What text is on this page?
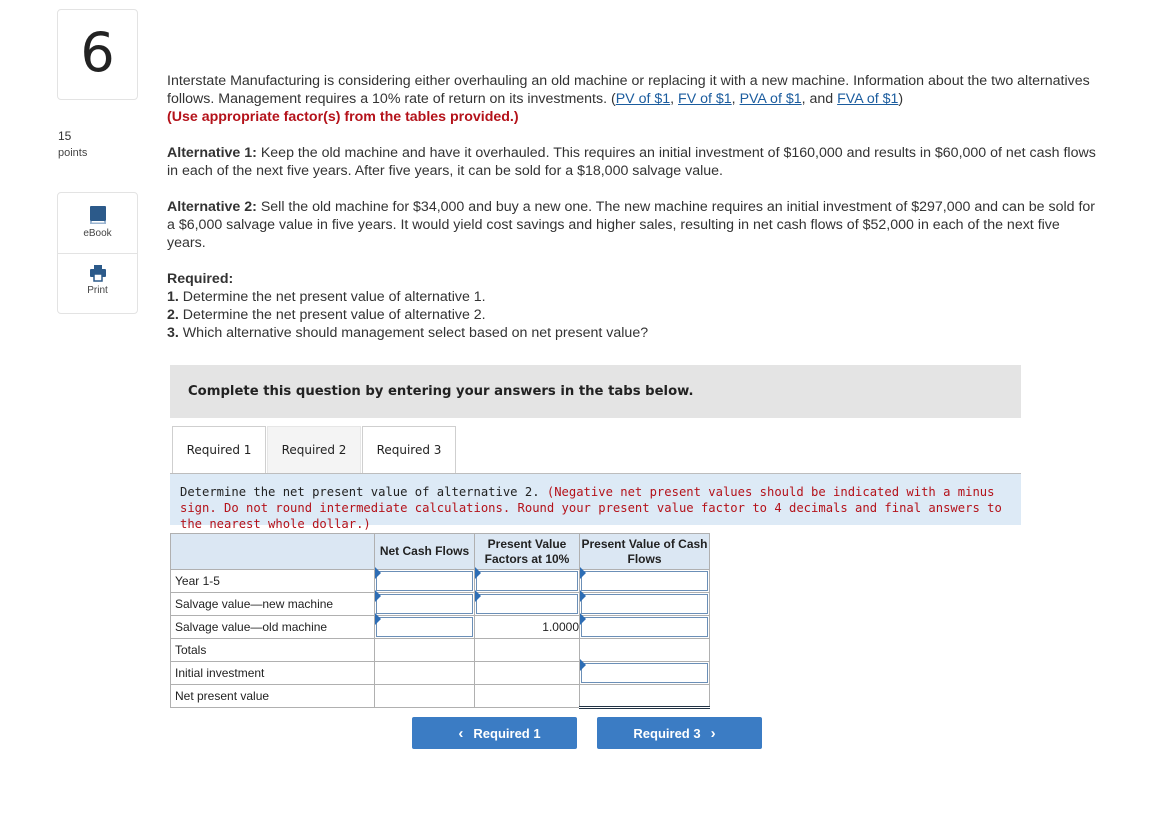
6
15
points
eBook
Print

Interstate Manufacturing is considering either overhauling an old machine or replacing it with a new machine. Information about the two alternatives follows. Management requires a 10% rate of return on its investments. (PV of $1, FV of $1, PVA of $1, and FVA of $1)
(Use appropriate factor(s) from the tables provided.)

Alternative 1: Keep the old machine and have it overhauled. This requires an initial investment of $160,000 and results in $60,000 of net cash flows in each of the next five years. After five years, it can be sold for a $18,000 salvage value.

Alternative 2: Sell the old machine for $34,000 and buy a new one. The new machine requires an initial investment of $297,000 and can be sold for a $6,000 salvage value in five years. It would yield cost savings and higher sales, resulting in net cash flows of $52,000 in each of the next five years.

Required:
1. Determine the net present value of alternative 1.
2. Determine the net present value of alternative 2.
3. Which alternative should management select based on net present value?

Complete this question by entering your answers in the tabs below.
Required 1	Required 2	Required 3
Determine the net present value of alternative 2. (Negative net present values should be indicated with a minus sign. Do not round intermediate calculations. Round your present value factor to 4 decimals and final answers to the nearest whole dollar.)
	Net Cash Flows	Present Value Factors at 10%	Present Value of Cash Flows
Year 1-5	

Salvage value—new machine	

Salvage value—old machine		1.0000	

Totals			
Initial investment			

Net present value			
‹ Required 1	Required 3 ›
